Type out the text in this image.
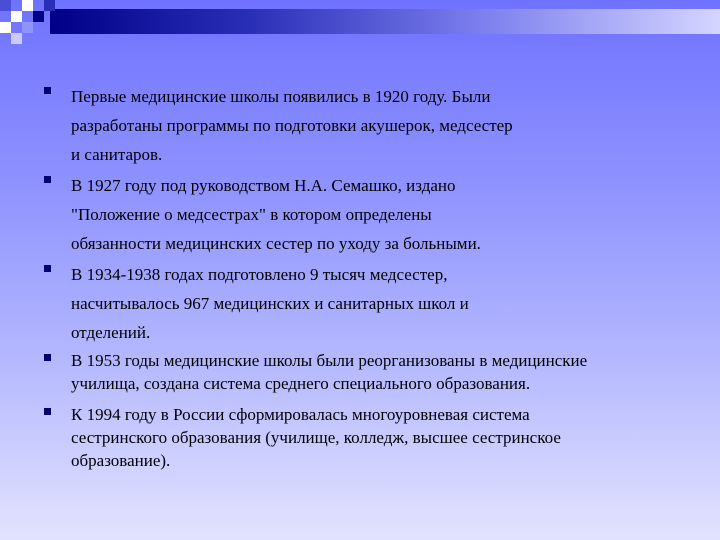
Первые медицинские школы появились в 1920 году. Были
разработаны программы по подготовки акушерок, медсестер
и санитаров.
В 1927 году под руководством Н.А. Семашко, издано
"Положение о медсестрах" в котором определены
обязанности медицинских сестер по уходу за больными.
В 1934-1938 годах подготовлено 9 тысяч медсестер,
насчитывалось 967 медицинских и санитарных школ и
отделений.
В 1953 годы медицинские школы были реорганизованы в медицинские
училища, создана система среднего специального образования.
К 1994 году в России сформировалась многоуровневая система
сестринского образования (училище, колледж, высшее сестринское
образование).
